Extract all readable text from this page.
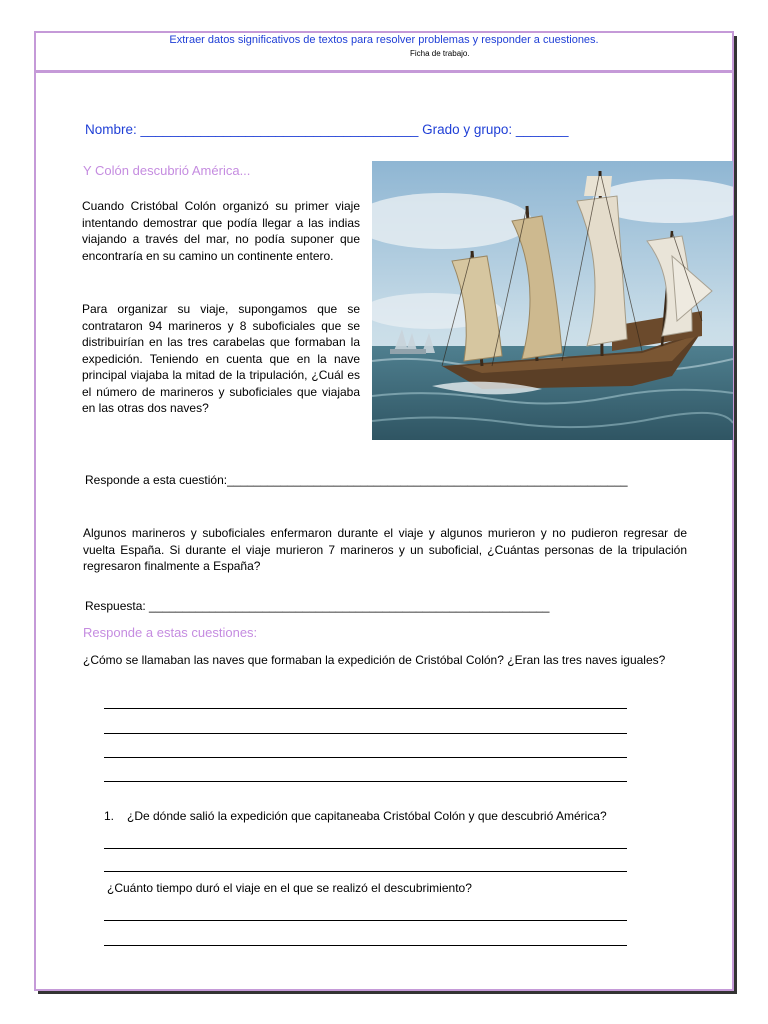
Extraer datos significativos de textos para resolver problemas y responder a cuestiones.
Ficha de trabajo.
Nombre: _____________________________________ Grado y grupo: _______
Y Colón descubrió América...
Cuando Cristóbal Colón organizó su primer viaje intentando demostrar que podía llegar a las indias viajando a través del mar, no podía suponer que encontraría en su camino un continente entero.
Para organizar su viaje, supongamos que se contrataron 94 marineros y 8 suboficiales que se distribuirían en las tres carabelas que formaban la expedición. Teniendo en cuenta que en la nave principal viajaba la mitad de la tripulación, ¿Cuál es el número de marineros y suboficiales que viajaba en las otras dos naves?
Responde a esta cuestión:____________________________________________________________
Algunos marineros y suboficiales enfermaron durante el viaje y algunos murieron y no pudieron regresar de vuelta España. Si durante el viaje murieron 7 marineros y un suboficial, ¿Cuántas personas de la tripulación regresaron finalmente a España?
Respuesta: ____________________________________________________________
Responde a estas cuestiones:
¿Cómo se llamaban las naves que formaban la expedición de Cristóbal Colón? ¿Eran las tres naves iguales?
1. ¿De dónde salió la expedición que capitaneaba Cristóbal Colón y que descubrió América?
¿Cuánto tiempo duró el viaje en el que se realizó el descubrimiento?
